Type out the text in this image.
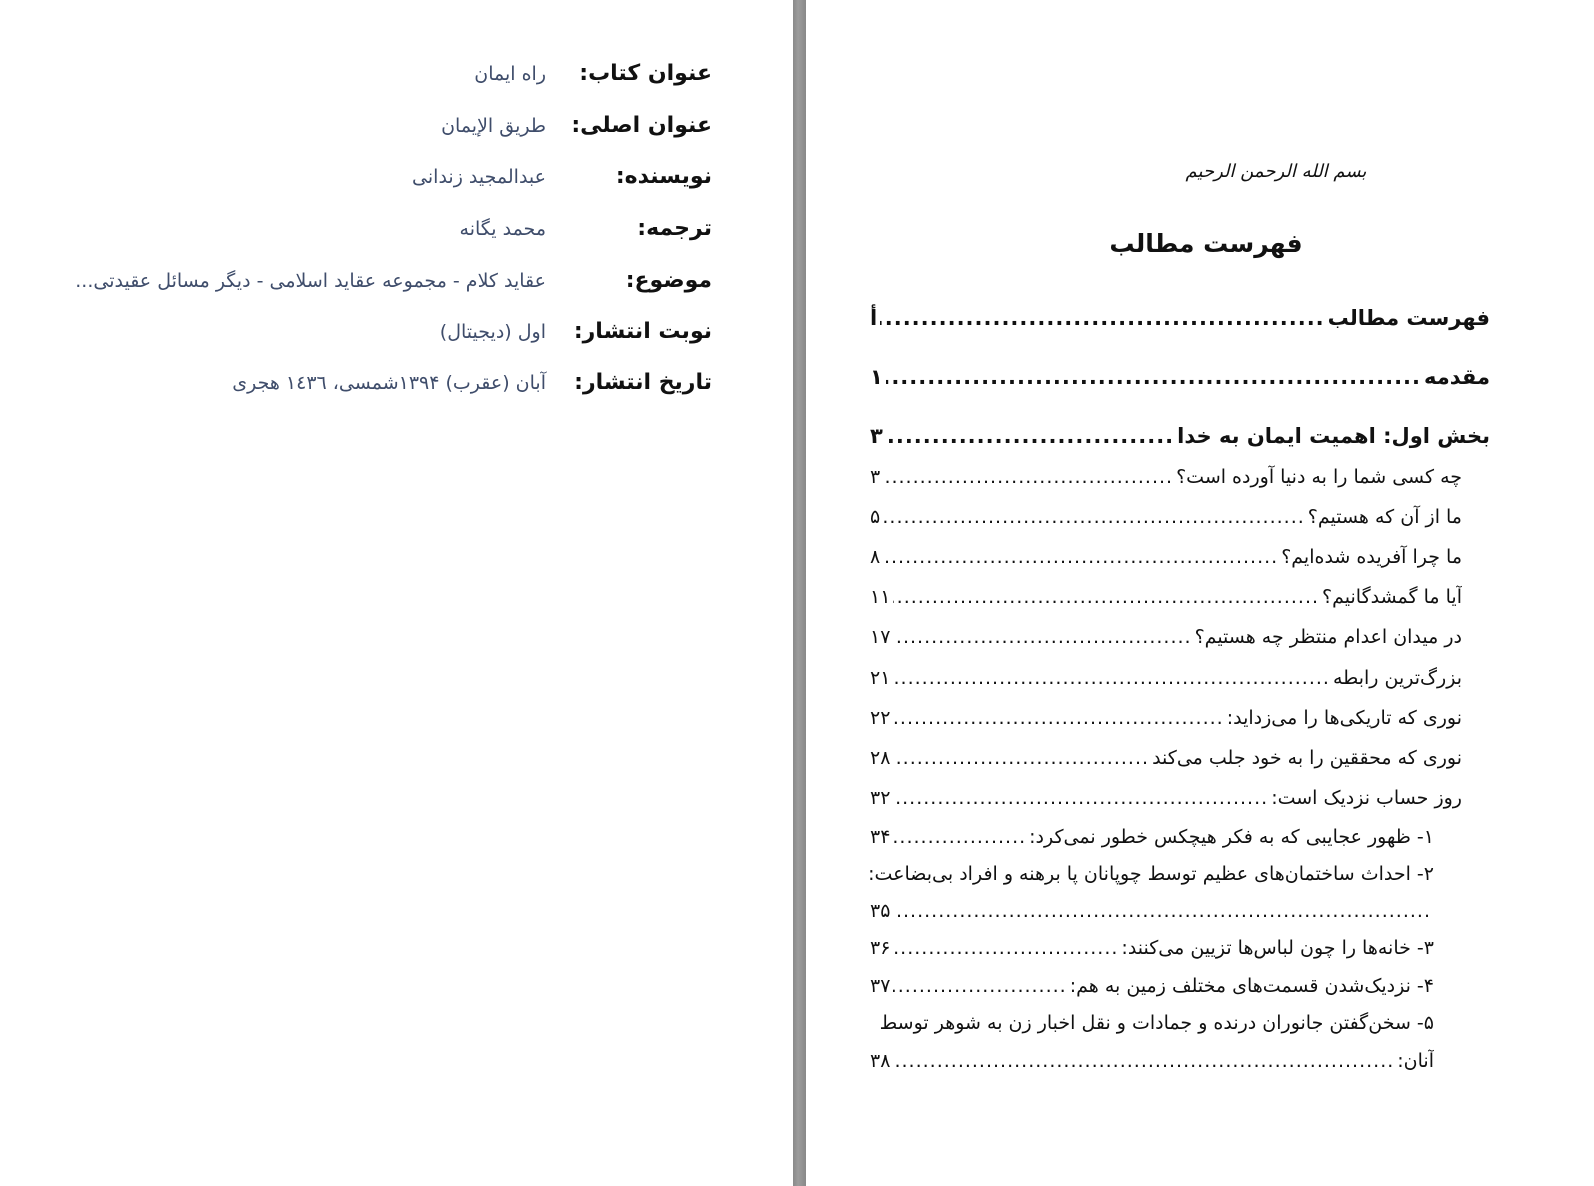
عنوان کتاب:
راه ایمان
عنوان اصلی:
طریق الإیمان
نویسنده:
عبدالمجید زندانی
ترجمه:
محمد یگانه
موضوع:
عقاید کلام - مجموعه عقاید اسلامی - دیگر مسائل عقیدتی...
نوبت انتشار:
اول (دیجیتال)
تاریخ انتشار:
آبان (عقرب) ۱۳۹۴شمسی، ١٤٣٦ هجری
بسم الله الرحمن الرحیم
فهرست مطالب
فهرست مطالب
.....
أ
مقدمه
.....
۱
بخش اول: اهمیت ایمان به خدا
.....
۳
چه کسی شما را به دنیا آورده است؟
.....
۳
ما از آن که هستیم؟
.....
۵
ما چرا آفریده شده‌ایم؟
.....
۸
آیا ما گمشدگانیم؟
.....
۱۱
در میدان اعدام منتظر چه هستیم؟
.....
۱۷
بزرگ‌ترین رابطه
.....
۲۱
نوری که تاریکی‌ها را می‌زداید:
.....
۲۲
نوری که محققین را به خود جلب می‌کند
.....
۲۸
روز حساب نزدیک است:
.....
۳۲
۱- ظهور عجایبی که به فکر هیچکس خطور نمی‌کرد:
.....
۳۴
۲- احداث ساختمان‌های عظیم توسط چوپانان پا برهنه و افراد بی‌بضاعت:
.....
۳۵
۳- خانه‌ها را چون لباس‌ها تزیین می‌کنند:
.....
۳۶
۴- نزدیک‌شدن قسمت‌های مختلف زمین به هم:
.....
۳۷
۵- سخن‌گفتن جانوران درنده و جمادات و نقل اخبار زن به شوهر توسط
آنان:
.....
۳۸
